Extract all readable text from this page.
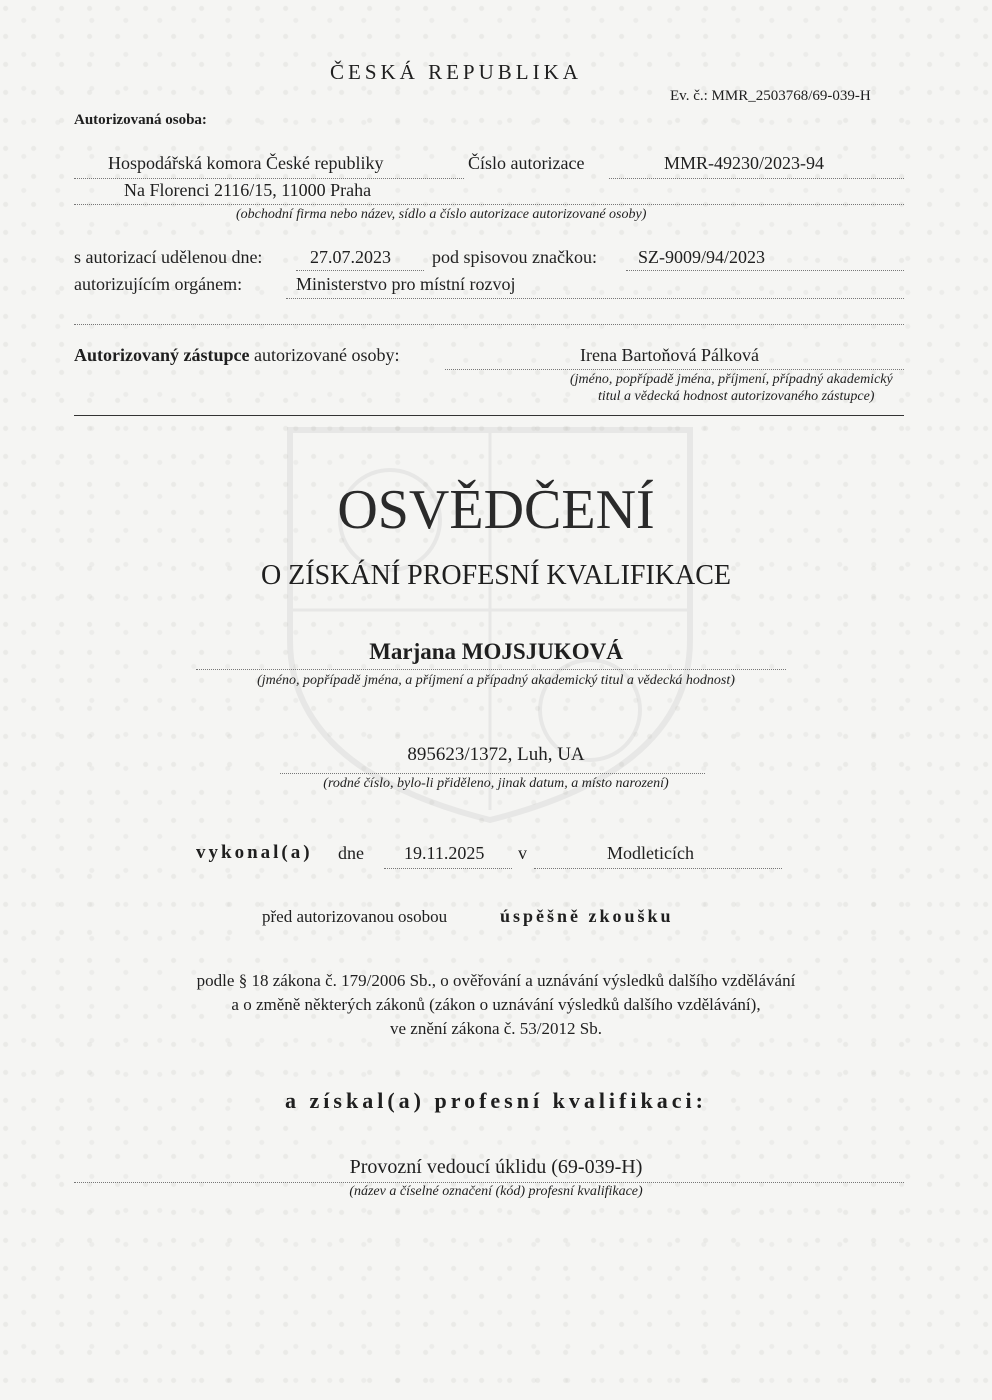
ČESKÁ REPUBLIKA
Ev. č.: MMR_2503768/69-039-H
Autorizovaná osoba:
Hospodářská komora České republiky	Číslo autorizace	MMR-49230/2023-94
Na Florenci 2116/15, 11000 Praha
(obchodní firma nebo název, sídlo a číslo autorizace autorizované osoby)
s autorizací udělenou dne:	27.07.2023 pod spisovou značkou: SZ-9009/94/2023
autorizujícím orgánem:	Ministerstvo pro místní rozvoj
Autorizovaný zástupce autorizované osoby:	Irena Bartoňová Pálková
(jméno, popřípadě jména, příjmení, případný akademický
titul a vědecká hodnost autorizovaného zástupce)
OSVĚDČENÍ
O ZÍSKÁNÍ PROFESNÍ KVALIFIKACE
Marjana MOJSJUKOVÁ
(jméno, popřípadě jména, a příjmení a případný akademický titul a vědecká hodnost)
895623/1372, Luh, UA
(rodné číslo, bylo-li přiděleno, jinak datum, a místo narození)
vykonal(a) dne 19.11.2025 v	Modleticích
před autorizovanou osobou	úspěšně zkoušku
podle § 18 zákona č. 179/2006 Sb., o ověřování a uznávání výsledků dalšího vzdělávání
a o změně některých zákonů (zákon o uznávání výsledků dalšího vzdělávání),
ve znění zákona č. 53/2012 Sb.
a získal(a) profesní kvalifikaci:
Provozní vedoucí úklidu (69-039-H)
(název a číselné označení (kód) profesní kvalifikace)
